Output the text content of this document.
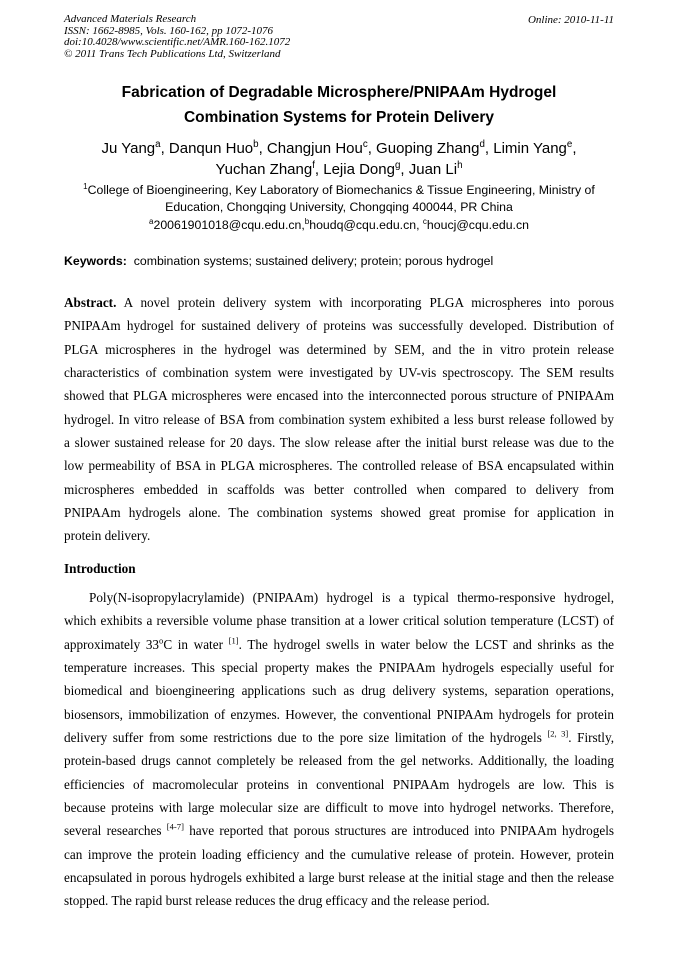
Advanced Materials Research
ISSN: 1662-8985, Vols. 160-162, pp 1072-1076
doi:10.4028/www.scientific.net/AMR.160-162.1072
© 2011 Trans Tech Publications Ltd, Switzerland
Online: 2010-11-11
Fabrication of Degradable Microsphere/PNIPAAm Hydrogel
Combination Systems for Protein Delivery
Ju Yang$^a$, Danqun Huo$^b$, Changjun Hou$^c$, Guoping Zhang$^d$, Limin Yang$^e$,
Yuchan Zhang$^f$, Lejia Dong$^g$, Juan Li$^h$
$^1$College of Bioengineering, Key Laboratory of Biomechanics & Tissue Engineering, Ministry of
Education, Chongqing University, Chongqing 400044, PR China
$^a$20061901018@cqu.edu.cn,$^b$houdq@cqu.edu.cn, $^c$houcj@cqu.edu.cn
Keywords: combination systems; sustained delivery; protein; porous hydrogel
Abstract. A novel protein delivery system with incorporating PLGA microspheres into porous
PNIPAAm hydrogel for sustained delivery of proteins was successfully developed. Distribution of
PLGA microspheres in the hydrogel was determined by SEM, and the in vitro protein release
characteristics of combination system were investigated by UV-vis spectroscopy. The SEM results
showed that PLGA microspheres were encased into the interconnected porous structure of PNIPAAm
hydrogel. In vitro release of BSA from combination system exhibited a less burst release followed by
a slower sustained release for 20 days. The slow release after the initial burst release was due to the
low permeability of BSA in PLGA microspheres. The controlled release of BSA encapsulated within
microspheres embedded in scaffolds was better controlled when compared to delivery from
PNIPAAm hydrogels alone. The combination systems showed great promise for application in
protein delivery.
Introduction
Poly(N-isopropylacrylamide) (PNIPAAm) hydrogel is a typical thermo-responsive hydrogel,
which exhibits a reversible volume phase transition at a lower critical solution temperature (LCST) of
approximately 33$^o$C in water [1]. The hydrogel swells in water below the LCST and shrinks as the
temperature increases. This special property makes the PNIPAAm hydrogels especially useful for
biomedical and bioengineering applications such as drug delivery systems, separation operations,
biosensors, immobilization of enzymes. However, the conventional PNIPAAm hydrogels for protein
delivery suffer from some restrictions due to the pore size limitation of the hydrogels [2, 3]. Firstly,
protein-based drugs cannot completely be released from the gel networks. Additionally, the loading
efficiencies of macromolecular proteins in conventional PNIPAAm hydrogels are low. This is
because proteins with large molecular size are difficult to move into hydrogel networks. Therefore,
several researches [4-7] have reported that porous structures are introduced into PNIPAAm hydrogels
can improve the protein loading efficiency and the cumulative release of protein. However, protein
encapsulated in porous hydrogels exhibited a large burst release at the initial stage and then the release
stopped. The rapid burst release reduces the drug efficacy and the release period.
